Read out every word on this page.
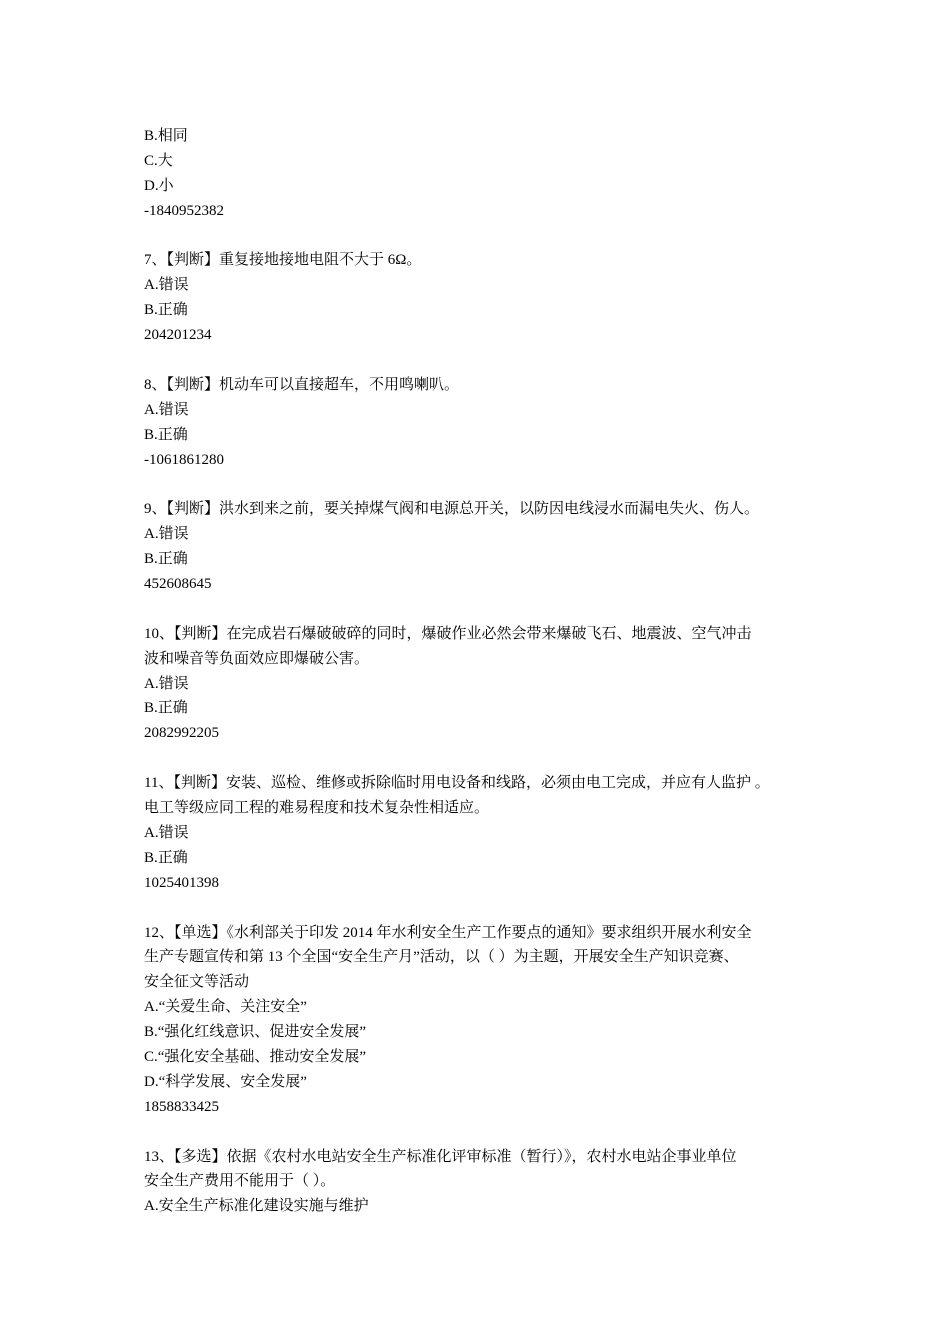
B.相同
C.大
D.小
-1840952382
7、【判断】重复接地接地电阻不大于 6Ω。
A.错误
B.正确
204201234
8、【判断】机动车可以直接超车，不用鸣喇叭。
A.错误
B.正确
-1061861280
9、【判断】洪水到来之前，要关掉煤气阀和电源总开关，以防因电线浸水而漏电失火、伤人。
A.错误
B.正确
452608645
10、【判断】在完成岩石爆破破碎的同时，爆破作业必然会带来爆破飞石、地震波、空气冲击
波和噪音等负面效应即爆破公害。
A.错误
B.正确
2082992205
11、【判断】安装、巡检、维修或拆除临时用电设备和线路，必须由电工完成，并应有人监护 。
电工等级应同工程的难易程度和技术复杂性相适应。
A.错误
B.正确
1025401398
12、【单选】《水利部关于印发 2014 年水利安全生产工作要点的通知》要求组织开展水利安全
生产专题宣传和第 13 个全国“安全生产月”活动，以（ ）为主题，开展安全生产知识竞赛、
安全征文等活动
A.“关爱生命、关注安全”
B.“强化红线意识、促进安全发展”
C.“强化安全基础、推动安全发展”
D.“科学发展、安全发展”
1858833425
13、【多选】依据《农村水电站安全生产标准化评审标准（暂行）》，农村水电站企事业单位
安全生产费用不能用于（ ）。
A.安全生产标准化建设实施与维护
